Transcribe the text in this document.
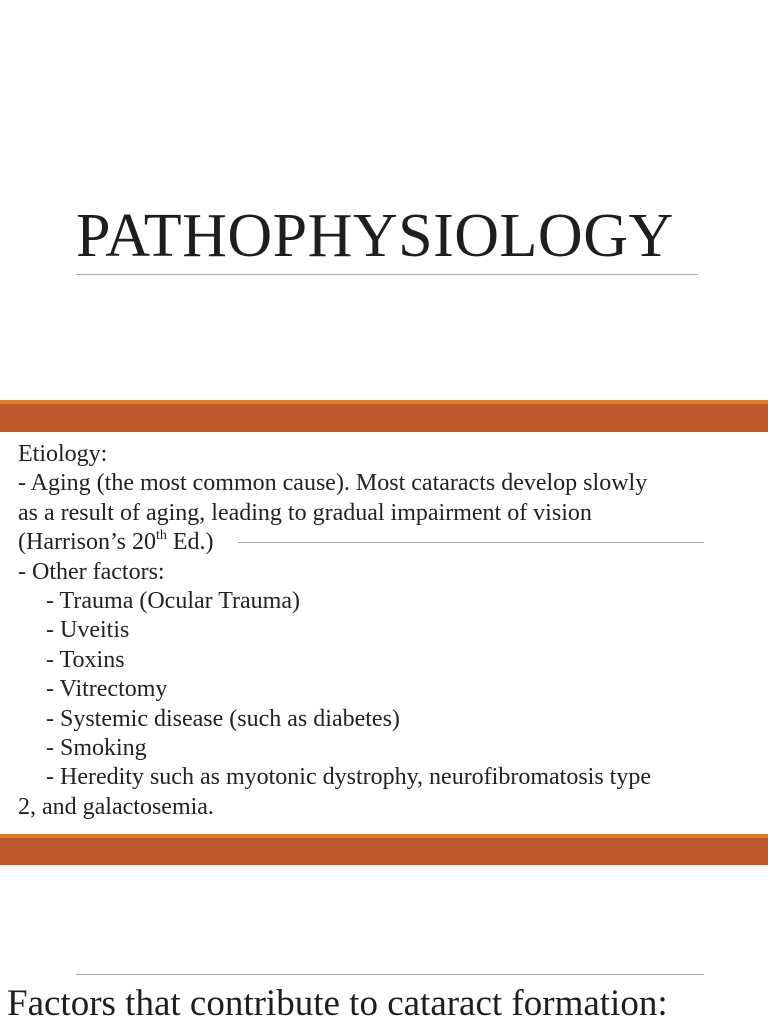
PATHOPHYSIOLOGY
Etiology:
- Aging (the most common cause). Most cataracts develop slowly
as a result of aging, leading to gradual impairment of vision
(Harrison’s 20th Ed.)
- Other factors:
- Trauma (Ocular Trauma)
- Uveitis
- Toxins
- Vitrectomy
- Systemic disease (such as diabetes)
- Smoking
- Heredity such as myotonic dystrophy, neurofibromatosis type
2, and galactosemia.
Factors that contribute to cataract formation:
